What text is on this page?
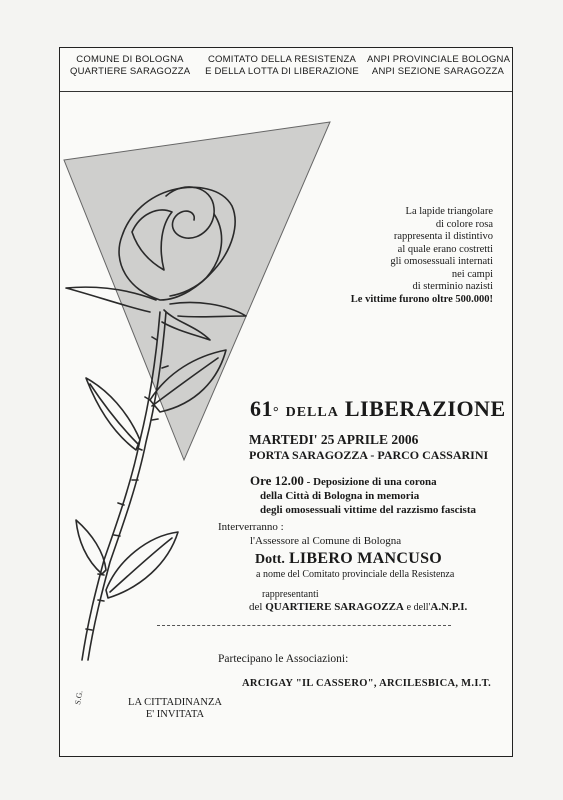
COMUNE DI BOLOGNA
QUARTIERE SARAGOZZA
COMITATO DELLA RESISTENZA
E DELLA LOTTA DI LIBERAZIONE
ANPI PROVINCIALE BOLOGNA
ANPI SEZIONE SARAGOZZA
S.G.
La lapide triangolare
di colore rosa
rappresenta il distintivo
al quale erano costretti
gli omosessuali internati
nei campi
di sterminio nazisti
Le vittime furono oltre 500.000!
61° DELLA LIBERAZIONE
MARTEDI' 25 APRILE 2006
PORTA SARAGOZZA - PARCO CASSARINI
Ore 12.00 - Deposizione di una corona
della Città di Bologna in memoria
degli omosessuali vittime del razzismo fascista
Interverranno :
l'Assessore al Comune di Bologna
Dott. LIBERO MANCUSO
a nome del Comitato provinciale della Resistenza
rappresentanti
del QUARTIERE SARAGOZZA e dell'A.N.P.I.
Partecipano le Associazioni:
ARCIGAY "IL CASSERO", ARCILESBICA, M.I.T.
LA CITTADINANZA
E' INVITATA
